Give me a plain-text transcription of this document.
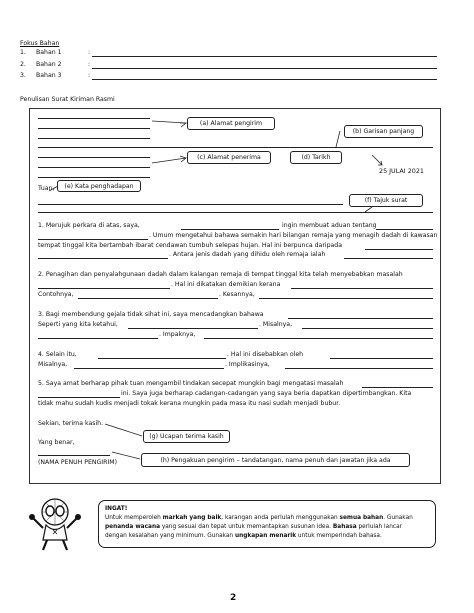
Fokus Bahan
1. Bahan 1	:
2. Bahan 2	:
3. Bahan 3	:
Penulisan Surat Kiriman Rasmi
(a) Alamat pengirim
(b) Garisan panjang
(c) Alamat penerima	(d) Tarikh
(e) Kata penghadapan
(f) Tajuk surat
25 JULAI 2021
Tuan,
1. Merujuk perkara di atas, saya,	ingin membuat aduan tentang
. Umum mengetahui bahawa semakin hari bilangan remaja yang menagih dadah di kawasan
tempat tinggal kita bertambah ibarat cendawan tumbuh selepas hujan. Hal ini berpunca daripada
. Antara jenis dadah yang dihidu oleh remaja ialah
2. Penagihan dan penyalahgunaan dadah dalam kalangan remaja di tempat tinggal kita telah menyebabkan masalah
. Hal ini dikatakan demikian kerana
Contohnya,	. Kesannya,
3. Bagi membendung gejala tidak sihat ini, saya mencadangkan bahawa
Seperti yang kita ketahui,	. Misalnya,
. Impaknya,
4. Selain itu,	. Hal ini disebabkan oleh
Misalnya,	. Implikasinya,
5. Saya amat berharap pihak tuan mengambil tindakan secepat mungkin bagi mengatasi masalah
ini. Saya juga berharap cadangan-cadangan yang saya beria dapatkan dipertimbangkan. Kita
tidak mahu sudah kudis menjadi tokak kerana mungkin pada masa itu nasi sudah menjadi bubur.
Sekian, terima kasih.
(g) Ucapan terima kasih
Yang benar,
(NAMA PENUH PENGIRIM)	(h) Pengakuan pengirim – tandatangan, nama penuh dan jawatan jika ada
INGAT!
Untuk memperoleh markah yang baik, karangan anda perlulah menggunakan semua bahan. Gunakan
penanda wacana yang sesuai dan tepat untuk memantapkan susunan idea. Bahasa perlulah lancar
dengan kesalahan yang minimum. Gunakan ungkapan menarik untuk memperindah bahasa.
2
